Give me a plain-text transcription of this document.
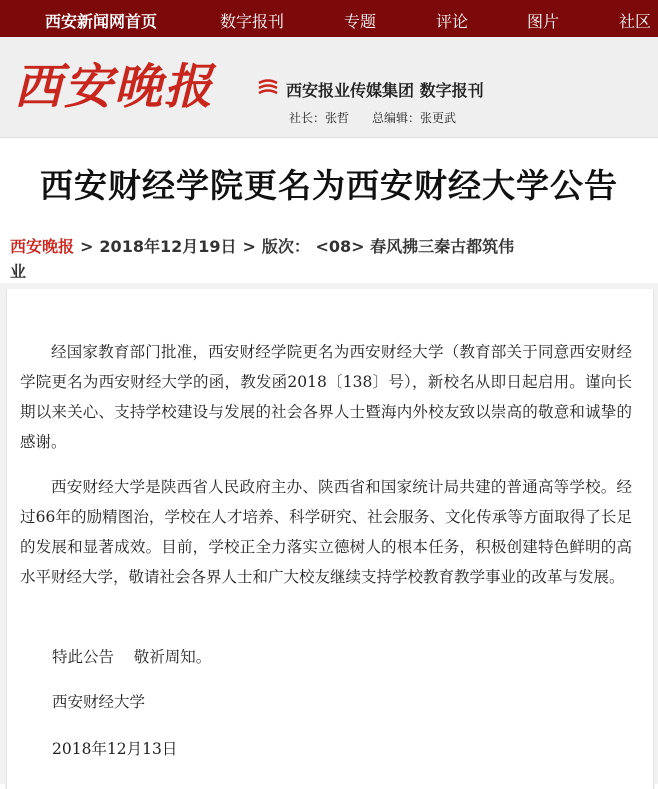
西安新闻网首页	数字报刊	专题	评论	图片	社区
西安晚报	西安报业传媒集团 数字报刊
社长：张哲 总编辑：张更武
西安财经学院更名为西安财经大学公告
西安晚报 > 2018年12月19日 > 版次： <08> 春风拂三秦古都筑伟业
经国家教育部门批准，西安财经学院更名为西安财经大学（教育部关于同意西安财经学院更名为西安财经大学的函，教发函2018〔138〕号），新校名从即日起启用。谨向长期以来关心、支持学校建设与发展的社会各界人士暨海内外校友致以崇高的敬意和诚挚的感谢。
西安财经大学是陕西省人民政府主办、陕西省和国家统计局共建的普通高等学校。经过66年的励精图治，学校在人才培养、科学研究、社会服务、文化传承等方面取得了长足的发展和显著成效。目前，学校正全力落实立德树人的根本任务，积极创建特色鲜明的高水平财经大学，敬请社会各界人士和广大校友继续支持学校教育教学事业的改革与发展。
特此公告    敬祈周知。
西安财经大学
2018年12月13日
